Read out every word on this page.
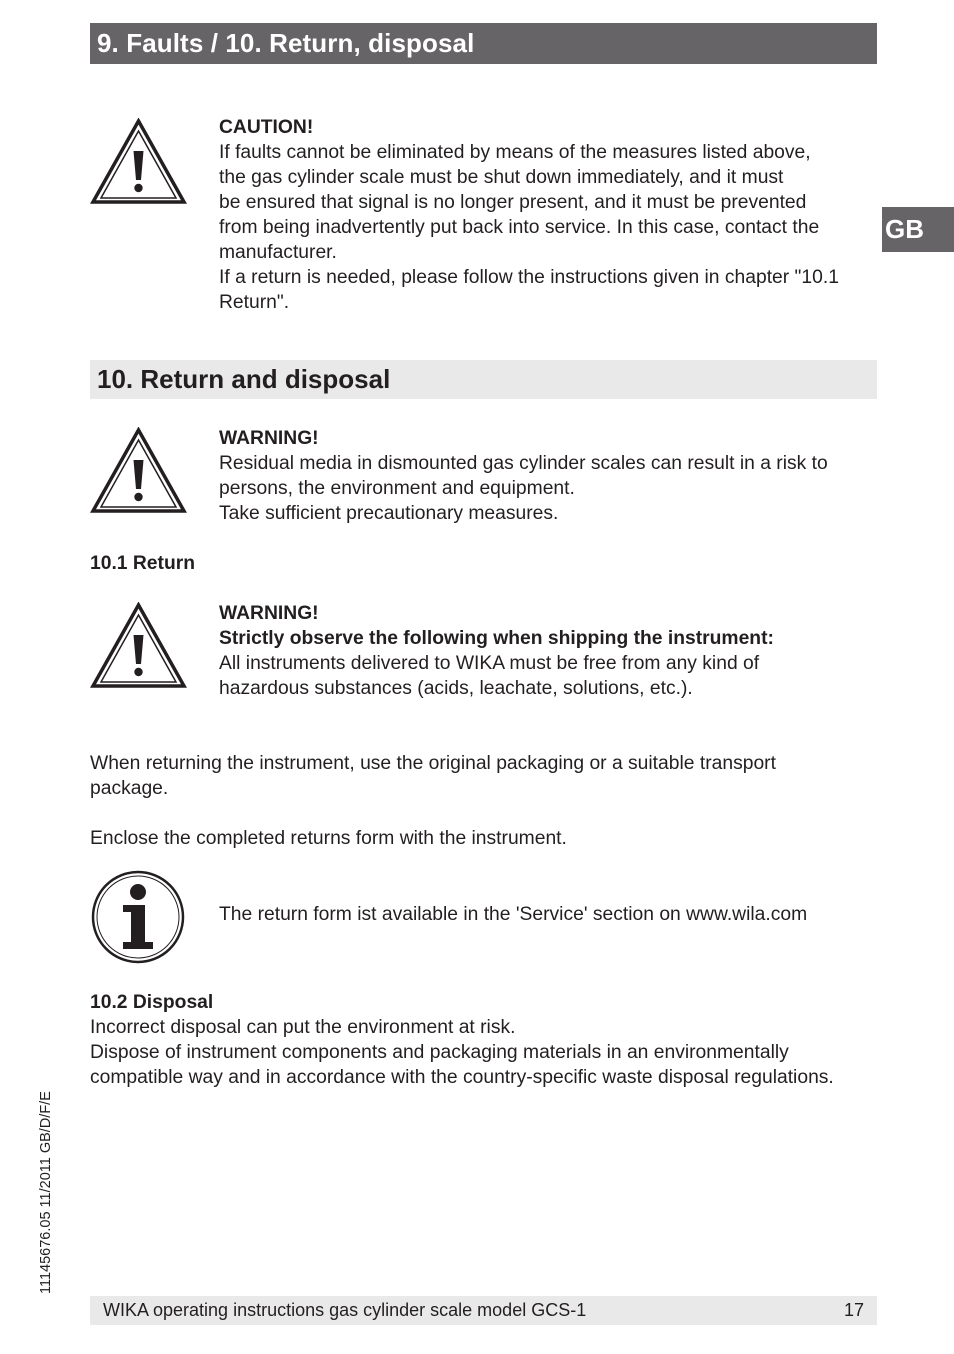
9. Faults / 10. Return, disposal
GB

CAUTION!

If faults cannot be eliminated by means of the measures listed above,

the gas cylinder scale must be shut down immediately, and it must

be ensured that signal is no longer present, and it must be prevented

from being inadvertently put back into service. In this case, contact the

manufacturer.

If a return is needed, please follow the instructions given in chapter "10.1

Return".

10. Return and disposal

WARNING!

Residual media in dismounted gas cylinder scales can result in a risk to

persons, the environment and equipment.

Take sufficient precautionary measures.

10.1 Return

WARNING!

Strictly observe the following when shipping the instrument:

All instruments delivered to WIKA must be free from any kind of

hazardous substances (acids, leachate, solutions, etc.).

When returning the instrument, use the original packaging or a suitable transport

package.

Enclose the completed returns form with the instrument.
The return form ist available in the 'Service' section on www.wila.com

10.2 Disposal

Incorrect disposal can put the environment at risk.

Dispose of instrument components and packaging materials in an environmentally

compatible way and in accordance with the country-specific waste disposal regulations.

11145676.05 11/2011 GB/D/F/E
WIKA operating instructions gas cylinder scale model GCS-1	17
